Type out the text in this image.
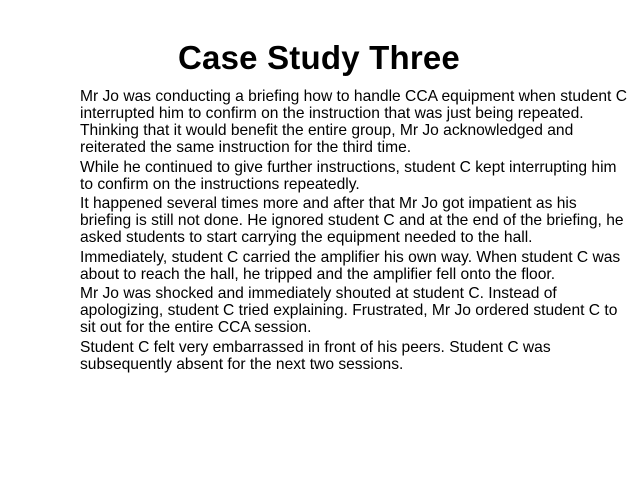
Case Study Three

Mr Jo was conducting a briefing how to handle CCA equipment when student C interrupted him to confirm on the instruction that was just being repeated. Thinking that it would benefit the entire group, Mr Jo acknowledged and reiterated the same instruction for the third time.

While he continued to give further instructions, student C kept interrupting him to confirm on the instructions repeatedly.

It happened several times more and after that Mr Jo got impatient as his briefing is still not done. He ignored student C and at the end of the briefing, he asked students to start carrying the equipment needed to the hall.

Immediately, student C carried the amplifier his own way. When student C was about to reach the hall, he tripped and the amplifier fell onto the floor.

Mr Jo was shocked and immediately shouted at student C. Instead of apologizing, student C tried explaining. Frustrated, Mr Jo ordered student C to sit out for the entire CCA session.

Student C felt very embarrassed in front of his peers. Student C was subsequently absent for the next two sessions.
